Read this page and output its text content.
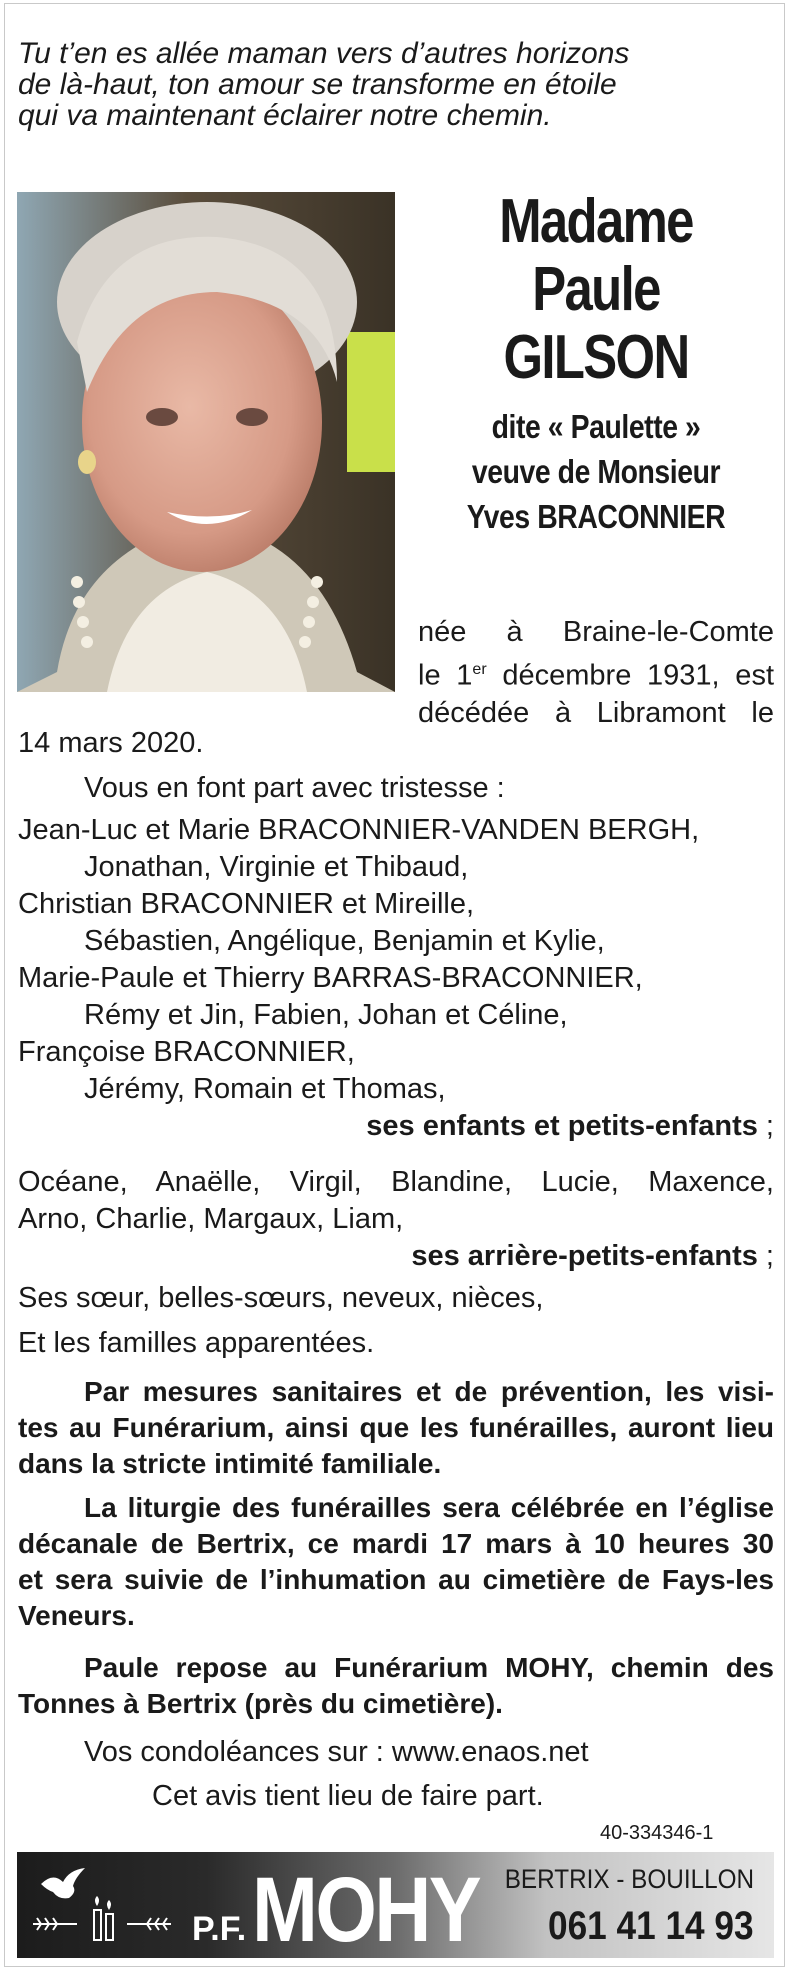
Tu t’en es allée maman vers d’autres horizons
de là-haut, ton amour se transforme en étoile
qui va maintenant éclairer notre chemin.
Madame
Paule
GILSON
dite « Paulette »
veuve de Monsieur
Yves BRACONNIER
née à Braine-le-Comte
le 1er décembre 1931, est
décédée à Libramont le
14 mars 2020.
Vous en font part avec tristesse :
Jean-Luc et Marie BRACONNIER-VANDEN BERGH,
Jonathan, Virginie et Thibaud,
Christian BRACONNIER et Mireille,
Sébastien, Angélique, Benjamin et Kylie,
Marie-Paule et Thierry BARRAS-BRACONNIER,
Rémy et Jin, Fabien, Johan et Céline,
Françoise BRACONNIER,
Jérémy, Romain et Thomas,
ses enfants et petits-enfants ;
Océane, Anaëlle, Virgil, Blandine, Lucie, Maxence,
Arno, Charlie, Margaux, Liam,
ses arrière-petits-enfants ;
Ses sœur, belles-sœurs, neveux, nièces,
Et les familles apparentées.
Par mesures sanitaires et de prévention, les visi-
tes au Funérarium, ainsi que les funérailles, auront lieu
dans la stricte intimité familiale.
La liturgie des funérailles sera célébrée en l’église
décanale de Bertrix, ce mardi 17 mars à 10 heures 30
et sera suivie de l’inhumation au cimetière de Fays-les
Veneurs.
Paule repose au Funérarium MOHY, chemin des
Tonnes à Bertrix (près du cimetière).
Vos condoléances sur : www.enaos.net
Cet avis tient lieu de faire part.
40-334346-1
P.F. MOHY BERTRIX - BOUILLON
061 41 14 93
